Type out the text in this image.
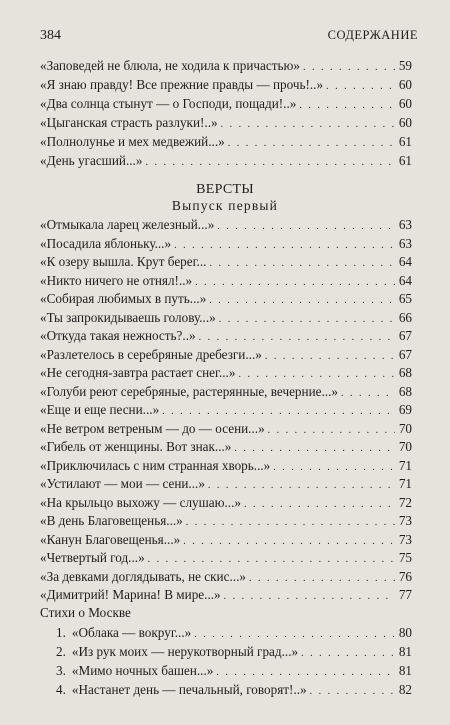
384	СОДЕРЖАНИЕ
«Заповедей не блюла, не ходила к причастью» . . .	59
«Я знаю правду! Все прежние правды — прочь!..» . . .	60
«Два солнца стынут — о Господи, пощади!..» . . .	60
«Цыганская страсть разлуки!..» . . .	60
«Полнолунье и мех медвежий...» . . .	61
«День угасший...» . . .	61
ВЕРСТЫ
Выпуск первый
«Отмыкала ларец железный...» . . .	63
«Посадила яблоньку...» . . .	63
«К озеру вышла. Крут берег... . . .	64
«Никто ничего не отнял!..» . . .	64
«Собирая любимых в путь...» . . .	65
«Ты запрокидываешь голову...» . . .	66
«Откуда такая нежность?..» . . .	67
«Разлетелось в серебряные дребезги...» . . .	67
«Не сегодня-завтра растает снег...» . . .	68
«Голуби реют серебряные, растерянные, вечерние...» . . .	68
«Еще и еще песни...» . . .	69
«Не ветром ветреным — до — осени...» . . .	70
«Гибель от женщины. Вот знак...» . . .	70
«Приключилась с ним странная хворь...» . . .	71
«Устилают — мои — сени...» . . .	71
«На крыльцо выхожу — слушаю...» . . .	72
«В день Благовещенья...» . . .	73
«Канун Благовещенья...» . . .	73
«Четвертый год...» . . .	75
«За девками доглядывать, не скис...» . . .	76
«Димитрий! Марина! В мире...» . . .	77
Стихи о Москве
1. «Облака — вокруг...» . . .	80
2. «Из рук моих — нерукотворный град...» . . .	81
3. «Мимо ночных башен...» . . .	81
4. «Настанет день — печальный, говорят!..» . . .	82
